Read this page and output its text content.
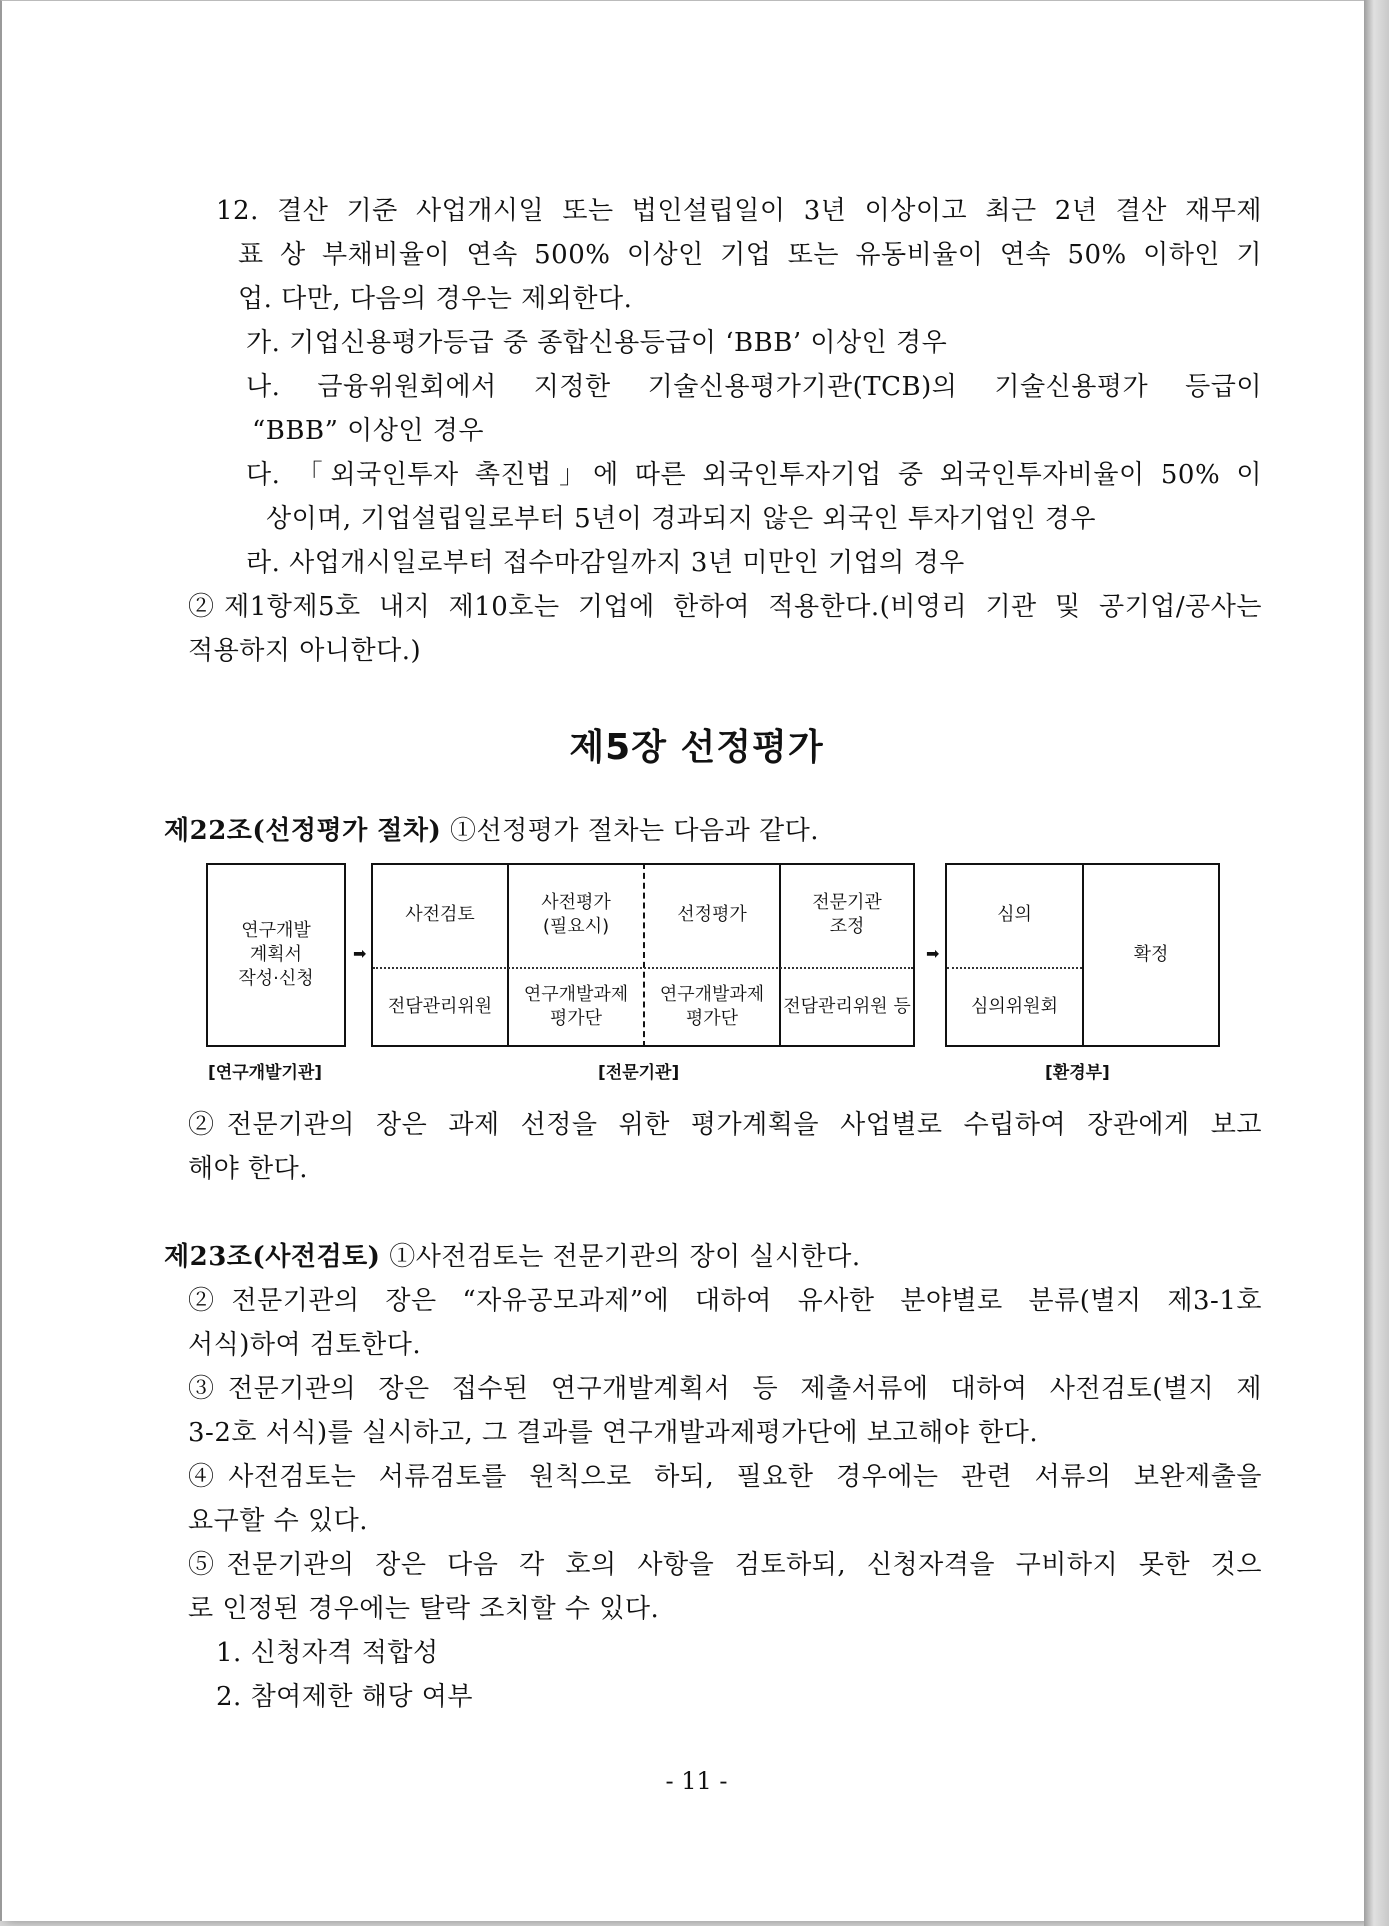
12. 결산 기준 사업개시일 또는 법인설립일이 3년 이상이고 최근 2년 결산 재무제
표 상 부채비율이 연속 500% 이상인 기업 또는 유동비율이 연속 50% 이하인 기
업. 다만, 다음의 경우는 제외한다.
가. 기업신용평가등급 중 종합신용등급이 ‘BBB’ 이상인 경우
나. 금융위원회에서 지정한 기술신용평가기관(TCB)의 기술신용평가 등급이
“BBB” 이상인 경우
다. 「외국인투자 촉진법」에 따른 외국인투자기업 중 외국인투자비율이 50% 이
상이며, 기업설립일로부터 5년이 경과되지 않은 외국인 투자기업인 경우
라. 사업개시일로부터 접수마감일까지 3년 미만인 기업의 경우
②제1항제5호 내지 제10호는 기업에 한하여 적용한다.(비영리 기관 및 공기업/공사는
적용하지 아니한다.)
제5장 선정평가
제22조(선정평가 절차) ①선정평가 절차는 다음과 같다.
연구개발
계획서
작성·신청
➡
사전검토
사전평가
(필요시)
선정평가
전문기관
조정
전담관리위원
연구개발과제
평가단
연구개발과제
평가단
전담관리위원 등
➡
심의
심의위원회
확정
[연구개발기관]	[전문기관]	[환경부]
②전문기관의 장은 과제 선정을 위한 평가계획을 사업별로 수립하여 장관에게 보고
해야 한다.
제23조(사전검토) ①사전검토는 전문기관의 장이 실시한다.
②전문기관의 장은 “자유공모과제”에 대하여 유사한 분야별로 분류(별지 제3-1호
서식)하여 검토한다.
③전문기관의 장은 접수된 연구개발계획서 등 제출서류에 대하여 사전검토(별지 제
3-2호 서식)를 실시하고, 그 결과를 연구개발과제평가단에 보고해야 한다.
④사전검토는 서류검토를 원칙으로 하되, 필요한 경우에는 관련 서류의 보완제출을
요구할 수 있다.
⑤전문기관의 장은 다음 각 호의 사항을 검토하되, 신청자격을 구비하지 못한 것으
로 인정된 경우에는 탈락 조치할 수 있다.
1. 신청자격 적합성
2. 참여제한 해당 여부
- 11 -
